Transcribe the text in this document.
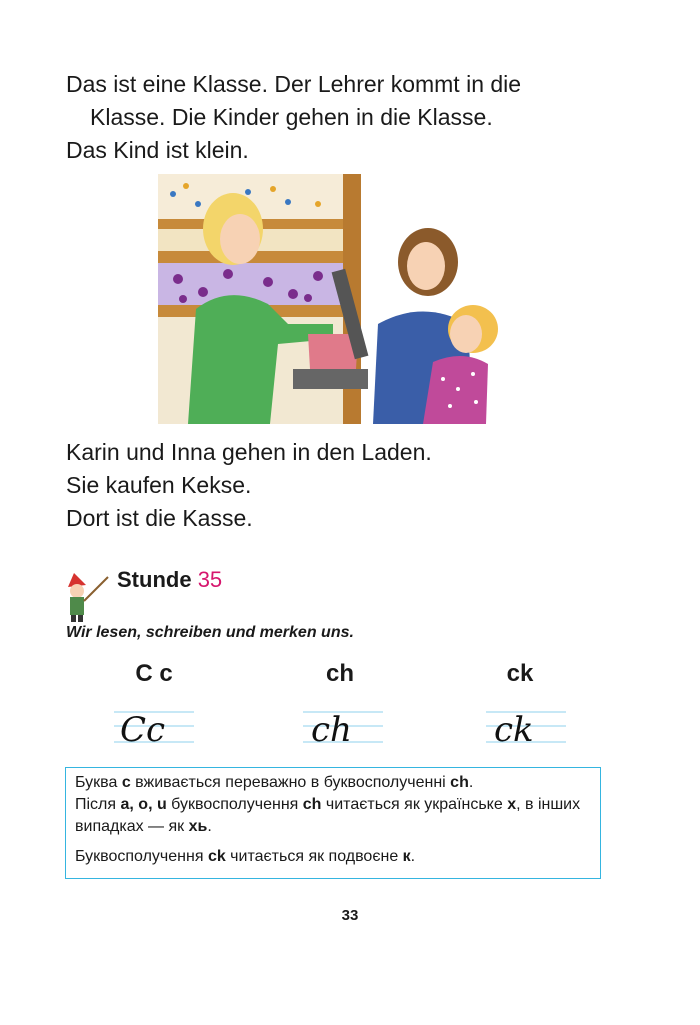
Das ist eine Klasse. Der Lehrer kommt in die

Klasse. Die Kinder gehen in die Klasse.

Das Kind ist klein.

Karin und Inna gehen in den Laden.

Sie kaufen Kekse.

Dort ist die Kasse.

Stunde 35
Wir lesen, schreiben und merken uns.
C c	ch	ck
Cc	ch	ck

Буква c вживається переважно в буквосполученні ch.

Після a, o, u буквосполучення ch читається як українське х, в інших випадках — як хь.

Буквосполучення ck читається як подвоєне к.

33
